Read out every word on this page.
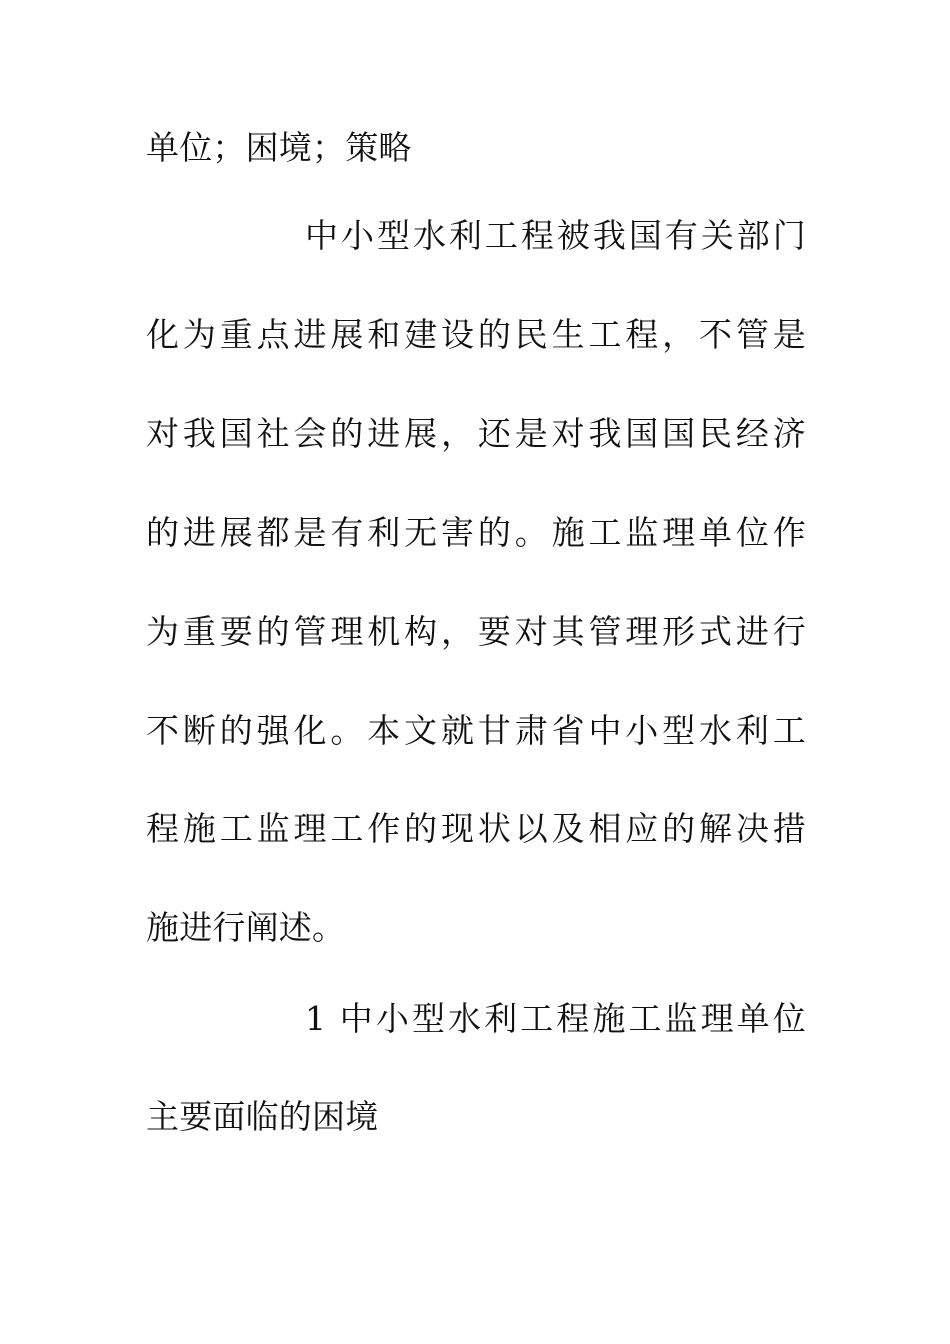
单位；困境；策略
中小型水利工程被我国有关部门
化为重点进展和建设的民生工程，不管是
对我国社会的进展，还是对我国国民经济
的进展都是有利无害的。施工监理单位作
为重要的管理机构，要对其管理形式进行
不断的强化。本文就甘肃省中小型水利工
程施工监理工作的现状以及相应的解决措
施进行阐述。
1 中小型水利工程施工监理单位
主要面临的困境
